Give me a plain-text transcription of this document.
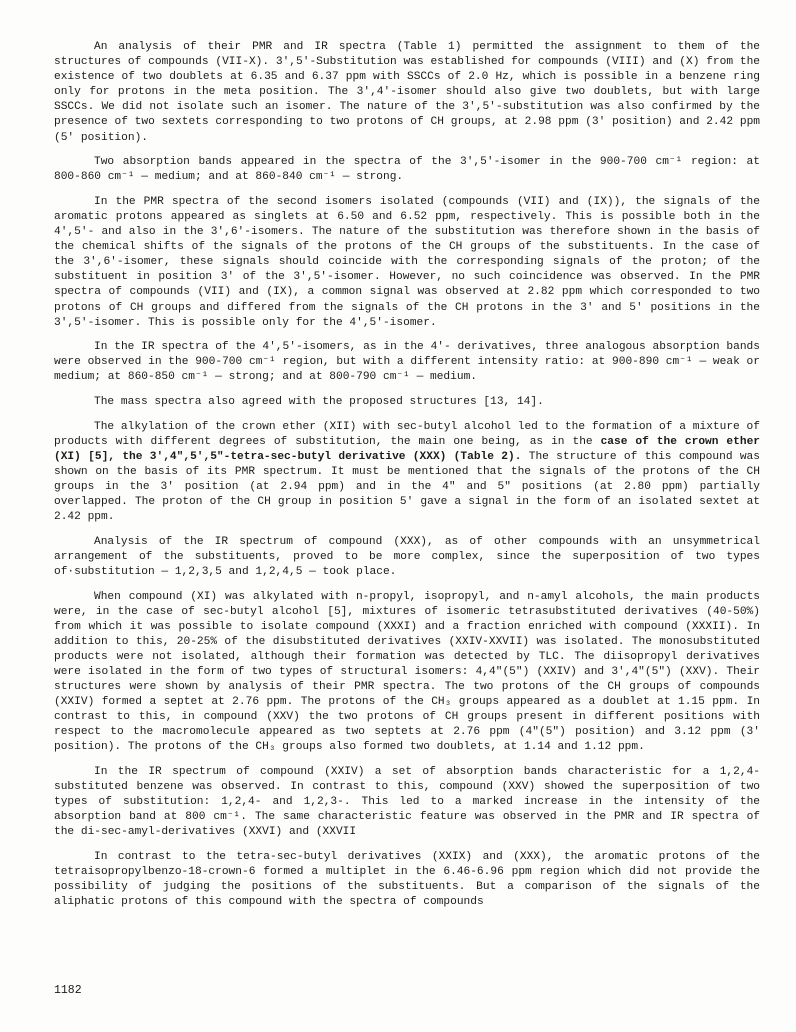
An analysis of their PMR and IR spectra (Table 1) permitted the assignment to them of the structures of compounds (VII-X). 3',5'-Substitution was established for compounds (VIII) and (X) from the existence of two doublets at 6.35 and 6.37 ppm with SSCCs of 2.0 Hz, which is possible in a benzene ring only for protons in the meta position. The 3',4'-isomer should also give two doublets, but with large SSCCs. We did not isolate such an isomer. The nature of the 3',5'-substitution was also confirmed by the presence of two sextets corresponding to two protons of CH groups, at 2.98 ppm (3' position) and 2.42 ppm (5' position).

Two absorption bands appeared in the spectra of the 3',5'-isomer in the 900-700 cm⁻¹ region: at 800-860 cm⁻¹ — medium; and at 860-840 cm⁻¹ — strong.

In the PMR spectra of the second isomers isolated (compounds (VII) and (IX)), the signals of the aromatic protons appeared as singlets at 6.50 and 6.52 ppm, respectively. This is possible both in the 4',5'- and also in the 3',6'-isomers. The nature of the substitution was therefore shown in the basis of the chemical shifts of the signals of the protons of the CH groups of the substituents. In the case of the 3',6'-isomer, these signals should coincide with the corresponding signals of the proton; of the substituent in position 3' of the 3',5'-isomer. However, no such coincidence was observed. In the PMR spectra of compounds (VII) and (IX), a common signal was observed at 2.82 ppm which corresponded to two protons of CH groups and differed from the signals of the CH protons in the 3' and 5' positions in the 3',5'-isomer. This is possible only for the 4',5'-isomer.

In the IR spectra of the 4',5'-isomers, as in the 4'- derivatives, three analogous absorption bands were observed in the 900-700 cm⁻¹ region, but with a different intensity ratio: at 900-890 cm⁻¹ — weak or medium; at 860-850 cm⁻¹ — strong; and at 800-790 cm⁻¹ — medium.

The mass spectra also agreed with the proposed structures [13, 14].

The alkylation of the crown ether (XII) with sec-butyl alcohol led to the formation of a mixture of products with different degrees of substitution, the main one being, as in the case of the crown ether (XI) [5], the 3',4",5',5"-tetra-sec-butyl derivative (XXX) (Table 2). The structure of this compound was shown on the basis of its PMR spectrum. It must be mentioned that the signals of the protons of the CH groups in the 3' position (at 2.94 ppm) and in the 4" and 5" positions (at 2.80 ppm) partially overlapped. The proton of the CH group in position 5' gave a signal in the form of an isolated sextet at 2.42 ppm.

Analysis of the IR spectrum of compound (XXX), as of other compounds with an unsymmetrical arrangement of the substituents, proved to be more complex, since the superposition of two types of·substitution — 1,2,3,5 and 1,2,4,5 — took place.

When compound (XI) was alkylated with n-propyl, isopropyl, and n-amyl alcohols, the main products were, in the case of sec-butyl alcohol [5], mixtures of isomeric tetrasubstituted derivatives (40-50%) from which it was possible to isolate compound (XXXI) and a fraction enriched with compound (XXXII). In addition to this, 20-25% of the disubstituted derivatives (XXIV-XXVII) was isolated. The monosubstituted products were not isolated, although their formation was detected by TLC. The diisopropyl derivatives were isolated in the form of two types of structural isomers: 4,4"(5") (XXIV) and 3',4"(5") (XXV). Their structures were shown by analysis of their PMR spectra. The two protons of the CH groups of compounds (XXIV) formed a septet at 2.76 ppm. The protons of the CH₃ groups appeared as a doublet at 1.15 ppm. In contrast to this, in compound (XXV) the two protons of CH groups present in different positions with respect to the macromolecule appeared as two septets at 2.76 ppm (4"(5") position) and 3.12 ppm (3' position). The protons of the CH₃ groups also formed two doublets, at 1.14 and 1.12 ppm.

In the IR spectrum of compound (XXIV) a set of absorption bands characteristic for a 1,2,4-substituted benzene was observed. In contrast to this, compound (XXV) showed the superposition of two types of substitution: 1,2,4- and 1,2,3-. This led to a marked increase in the intensity of the absorption band at 800 cm⁻¹. The same characteristic feature was observed in the PMR and IR spectra of the di-sec-amyl-derivatives (XXVI) and (XXVII

In contrast to the tetra-sec-butyl derivatives (XXIX) and (XXX), the aromatic protons of the tetraisopropylbenzo-18-crown-6 formed a multiplet in the 6.46-6.96 ppm region which did not provide the possibility of judging the positions of the substituents. But a comparison of the signals of the aliphatic protons of this compound with the spectra of compounds

1182
